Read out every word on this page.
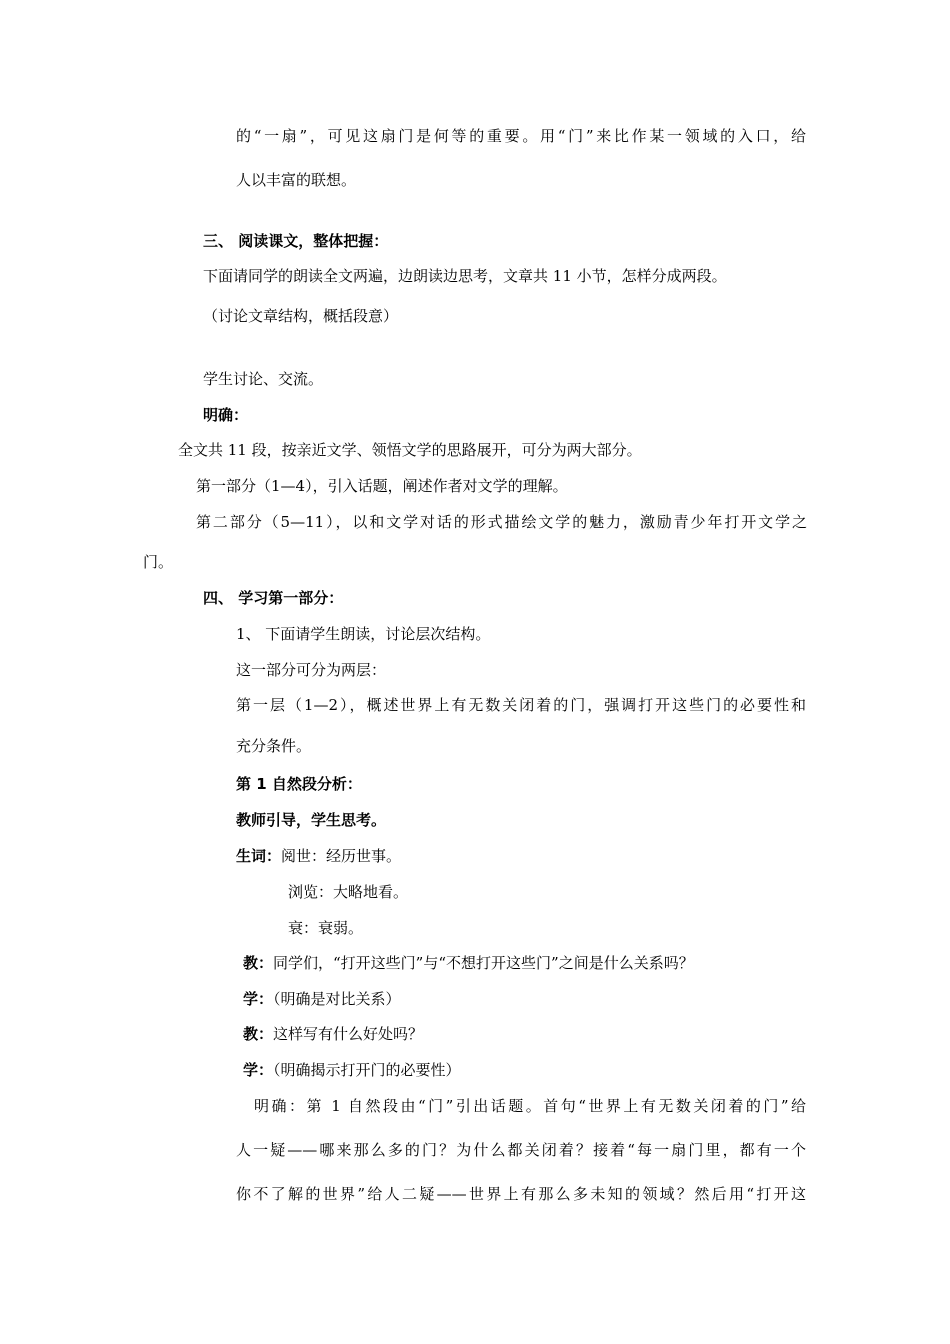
的“一扇”，可见这扇门是何等的重要。用“门”来比作某一领域的入口，给
人以丰富的联想。
三、 阅读课文，整体把握：
下面请同学的朗读全文两遍，边朗读边思考，文章共 11 小节，怎样分成两段。
（讨论文章结构，概括段意）
学生讨论、交流。
明确：
全文共 11 段，按亲近文学、领悟文学的思路展开，可分为两大部分。
第一部分（1—4），引入话题，阐述作者对文学的理解。
第二部分（5—11），以和文学对话的形式描绘文学的魅力，激励青少年打开文学之
门。
四、 学习第一部分：
1、 下面请学生朗读，讨论层次结构。
这一部分可分为两层：
第一层（1—2），概述世界上有无数关闭着的门，强调打开这些门的必要性和
充分条件。
第 1 自然段分析：
教师引导，学生思考。
生词：阅世：经历世事。
浏览：大略地看。
衰：衰弱。
教：同学们，“打开这些门”与“不想打开这些门”之间是什么关系吗？
学：（明确是对比关系）
教：这样写有什么好处吗？
学：（明确揭示打开门的必要性）
明确：第 1 自然段由“门”引出话题。首句“世界上有无数关闭着的门”给
人一疑——哪来那么多的门？为什么都关闭着？接着“每一扇门里，都有一个
你不了解的世界”给人二疑——世界上有那么多未知的领域？然后用“打开这
